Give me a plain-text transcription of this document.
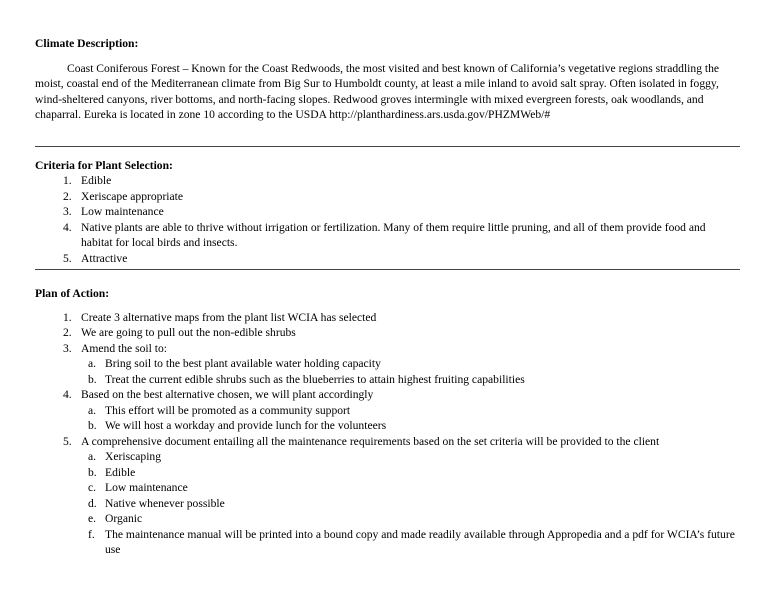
Climate Description:

Coast Coniferous Forest – Known for the Coast Redwoods, the most visited and best known of California’s vegetative regions straddling the moist, coastal end of the Mediterranean climate from Big Sur to Humboldt county, at least a mile inland to avoid salt spray. Often isolated in foggy, wind-sheltered canyons, river bottoms, and north-facing slopes. Redwood groves intermingle with mixed evergreen forests, oak woodlands, and chaparral. Eureka is located in zone 10 according to the USDA http://planthardiness.ars.usda.gov/PHZMWeb/#

Criteria for Plant Selection:

1. Edible
2. Xeriscape appropriate
3. Low maintenance
4. Native plants are able to thrive without irrigation or fertilization. Many of them require little pruning, and all of them provide food and habitat for local birds and insects.
5. Attractive

Plan of Action:

1. Create 3 alternative maps from the plant list WCIA has selected
2. We are going to pull out the non-edible shrubs
3. Amend the soil to:
a. Bring soil to the best plant available water holding capacity
b. Treat the current edible shrubs such as the blueberries to attain highest fruiting capabilities
4. Based on the best alternative chosen, we will plant accordingly
a. This effort will be promoted as a community support
b. We will host a workday and provide lunch for the volunteers
5. A comprehensive document entailing all the maintenance requirements based on the set criteria will be provided to the client
a. Xeriscaping
b. Edible
c. Low maintenance
d. Native whenever possible
e. Organic
f. The maintenance manual will be printed into a bound copy and made readily available through Appropedia and a pdf for WCIA’s future use
